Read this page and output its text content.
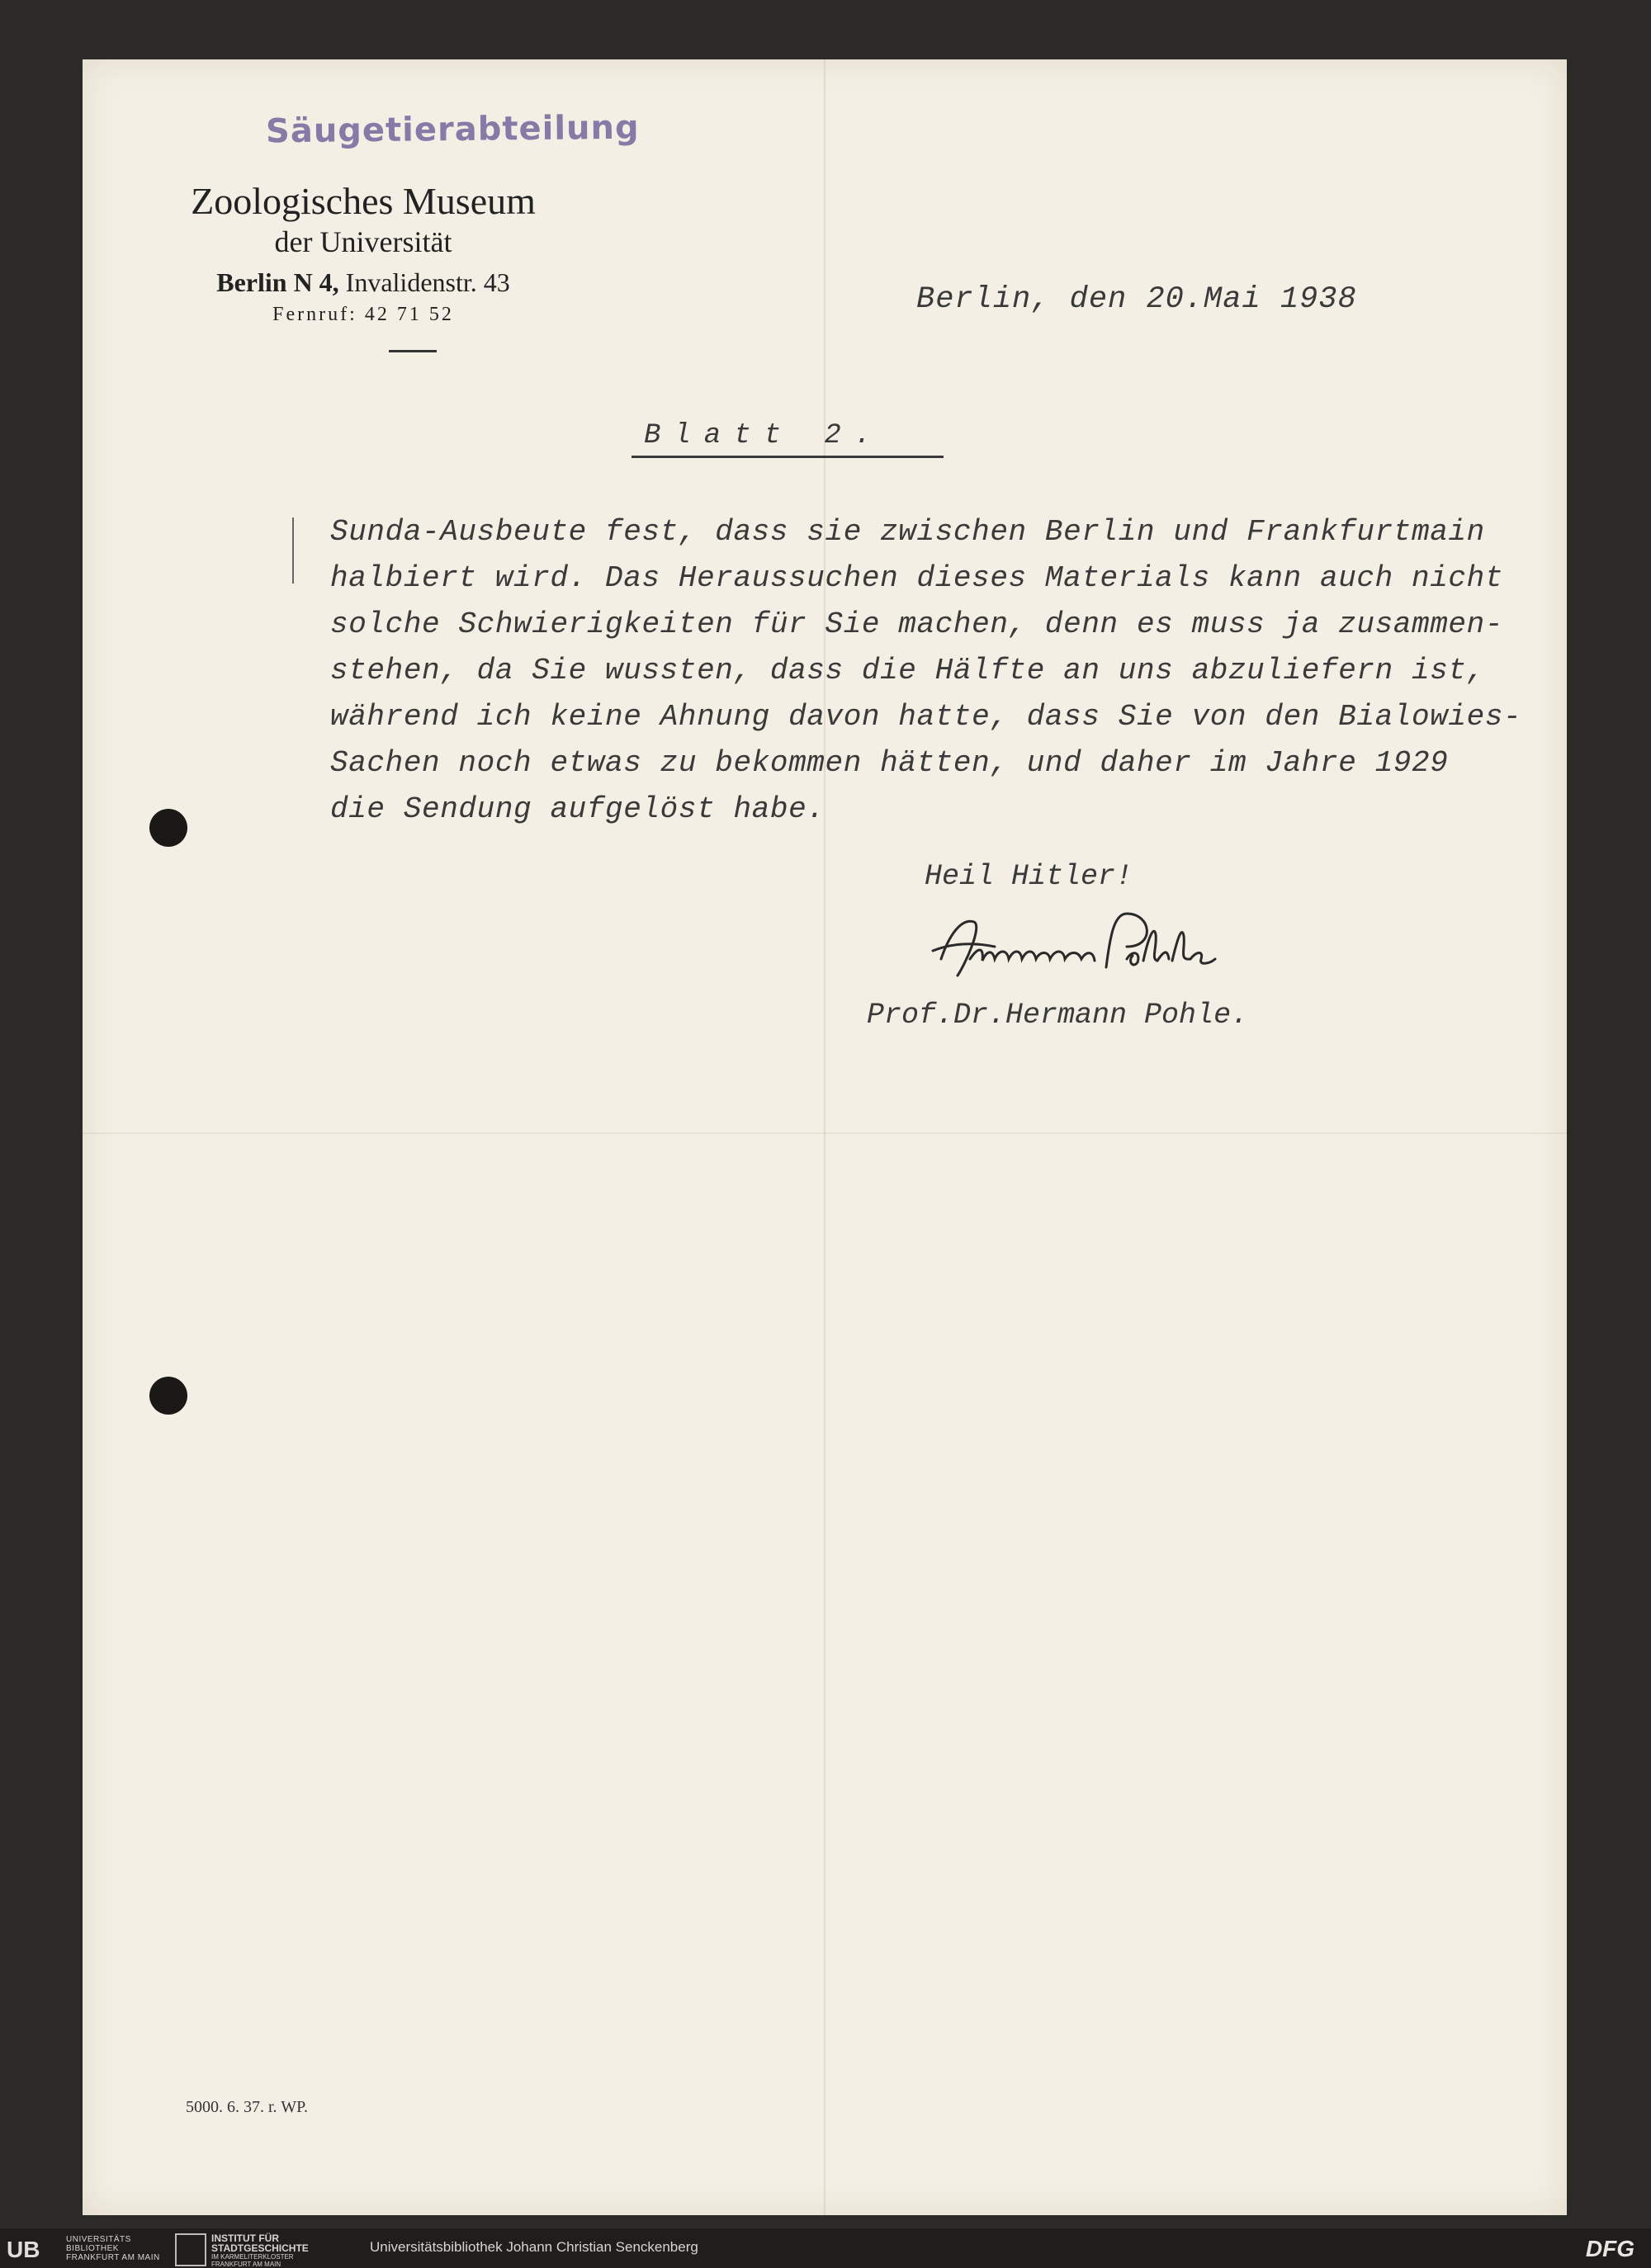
Säugetierabteilung
Zoologisches Museum
der Universität
Berlin N 4, Invalidenstr. 43
Fernruf: 42 71 52	Berlin, den 20.Mai 1938
Blatt 2.
Sunda-Ausbeute fest, dass sie zwischen Berlin und Frankfurtmain
halbiert wird. Das Heraussuchen dieses Materials kann auch nicht
solche Schwierigkeiten für Sie machen, denn es muss ja zusammen-
stehen, da Sie wussten, dass die Hälfte an uns abzuliefern ist,
während ich keine Ahnung davon hatte, dass Sie von den Bialowies-
Sachen noch etwas zu bekommen hätten, und daher im Jahre 1929
die Sendung aufgelöst habe.
Heil Hitler!
Prof.Dr.Hermann Pohle.
5000. 6. 37. r. WP.
UB	UNIVERSITÄTS
BIBLIOTHEK
FRANKFURT AM MAIN
INSTITUT FÜR
STADTGESCHICHTE
IM KARMELITERKLOSTER
FRANKFURT AM MAIN
Universitätsbibliothek Johann Christian Senckenberg	DFG
